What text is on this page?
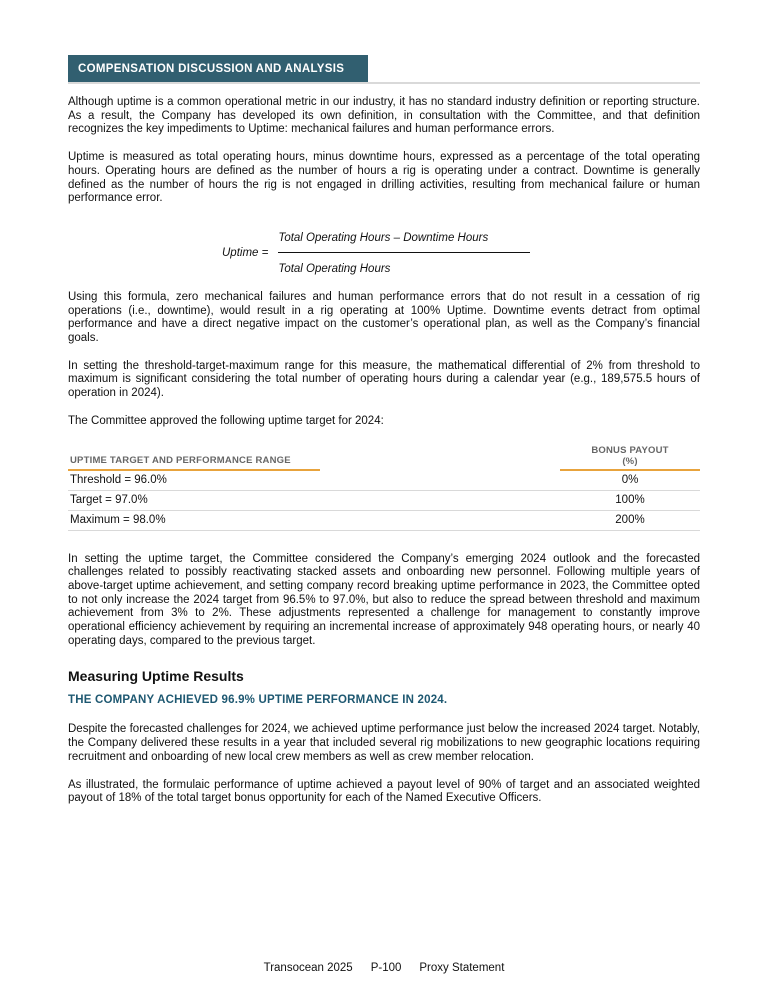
COMPENSATION DISCUSSION AND ANALYSIS

Although uptime is a common operational metric in our industry, it has no standard industry definition or reporting structure. As a result, the Company has developed its own definition, in consultation with the Committee, and that definition recognizes the key impediments to Uptime: mechanical failures and human performance errors.

Uptime is measured as total operating hours, minus downtime hours, expressed as a percentage of the total operating hours. Operating hours are defined as the number of hours a rig is operating under a contract. Downtime is generally defined as the number of hours the rig is not engaged in drilling activities, resulting from mechanical failure or human performance error.

Uptime = $\frac{\text{Total Operating Hours – Downtime Hours}}{\text{Total Operating Hours}}$

Using this formula, zero mechanical failures and human performance errors that do not result in a cessation of rig operations (i.e., downtime), would result in a rig operating at 100% Uptime. Downtime events detract from optimal performance and have a direct negative impact on the customer’s operational plan, as well as the Company’s financial goals.

In setting the threshold-target-maximum range for this measure, the mathematical differential of 2% from threshold to maximum is significant considering the total number of operating hours during a calendar year (e.g., 189,575.5 hours of operation in 2024).

The Committee approved the following uptime target for 2024:

UPTIME TARGET AND PERFORMANCE RANGE
BONUS PAYOUT
(%)
Threshold = 96.0%	0%
Target = 97.0%	100%
Maximum = 98.0%	200%

In setting the uptime target, the Committee considered the Company’s emerging 2024 outlook and the forecasted challenges related to possibly reactivating stacked assets and onboarding new personnel. Following multiple years of above-target uptime achievement, and setting company record breaking uptime performance in 2023, the Committee opted to not only increase the 2024 target from 96.5% to 97.0%, but also to reduce the spread between threshold and maximum achievement from 3% to 2%. These adjustments represented a challenge for management to constantly improve operational efficiency achievement by requiring an incremental increase of approximately 948 operating hours, or nearly 40 operating days, compared to the previous target.

Measuring Uptime Results
THE COMPANY ACHIEVED 96.9% UPTIME PERFORMANCE IN 2024.

Despite the forecasted challenges for 2024, we achieved uptime performance just below the increased 2024 target. Notably, the Company delivered these results in a year that included several rig mobilizations to new geographic locations requiring recruitment and onboarding of new local crew members as well as crew member relocation.

As illustrated, the formulaic performance of uptime achieved a payout level of 90% of target and an associated weighted payout of 18% of the total target bonus opportunity for each of the Named Executive Officers.

Transocean 2025 P-100 Proxy Statement
